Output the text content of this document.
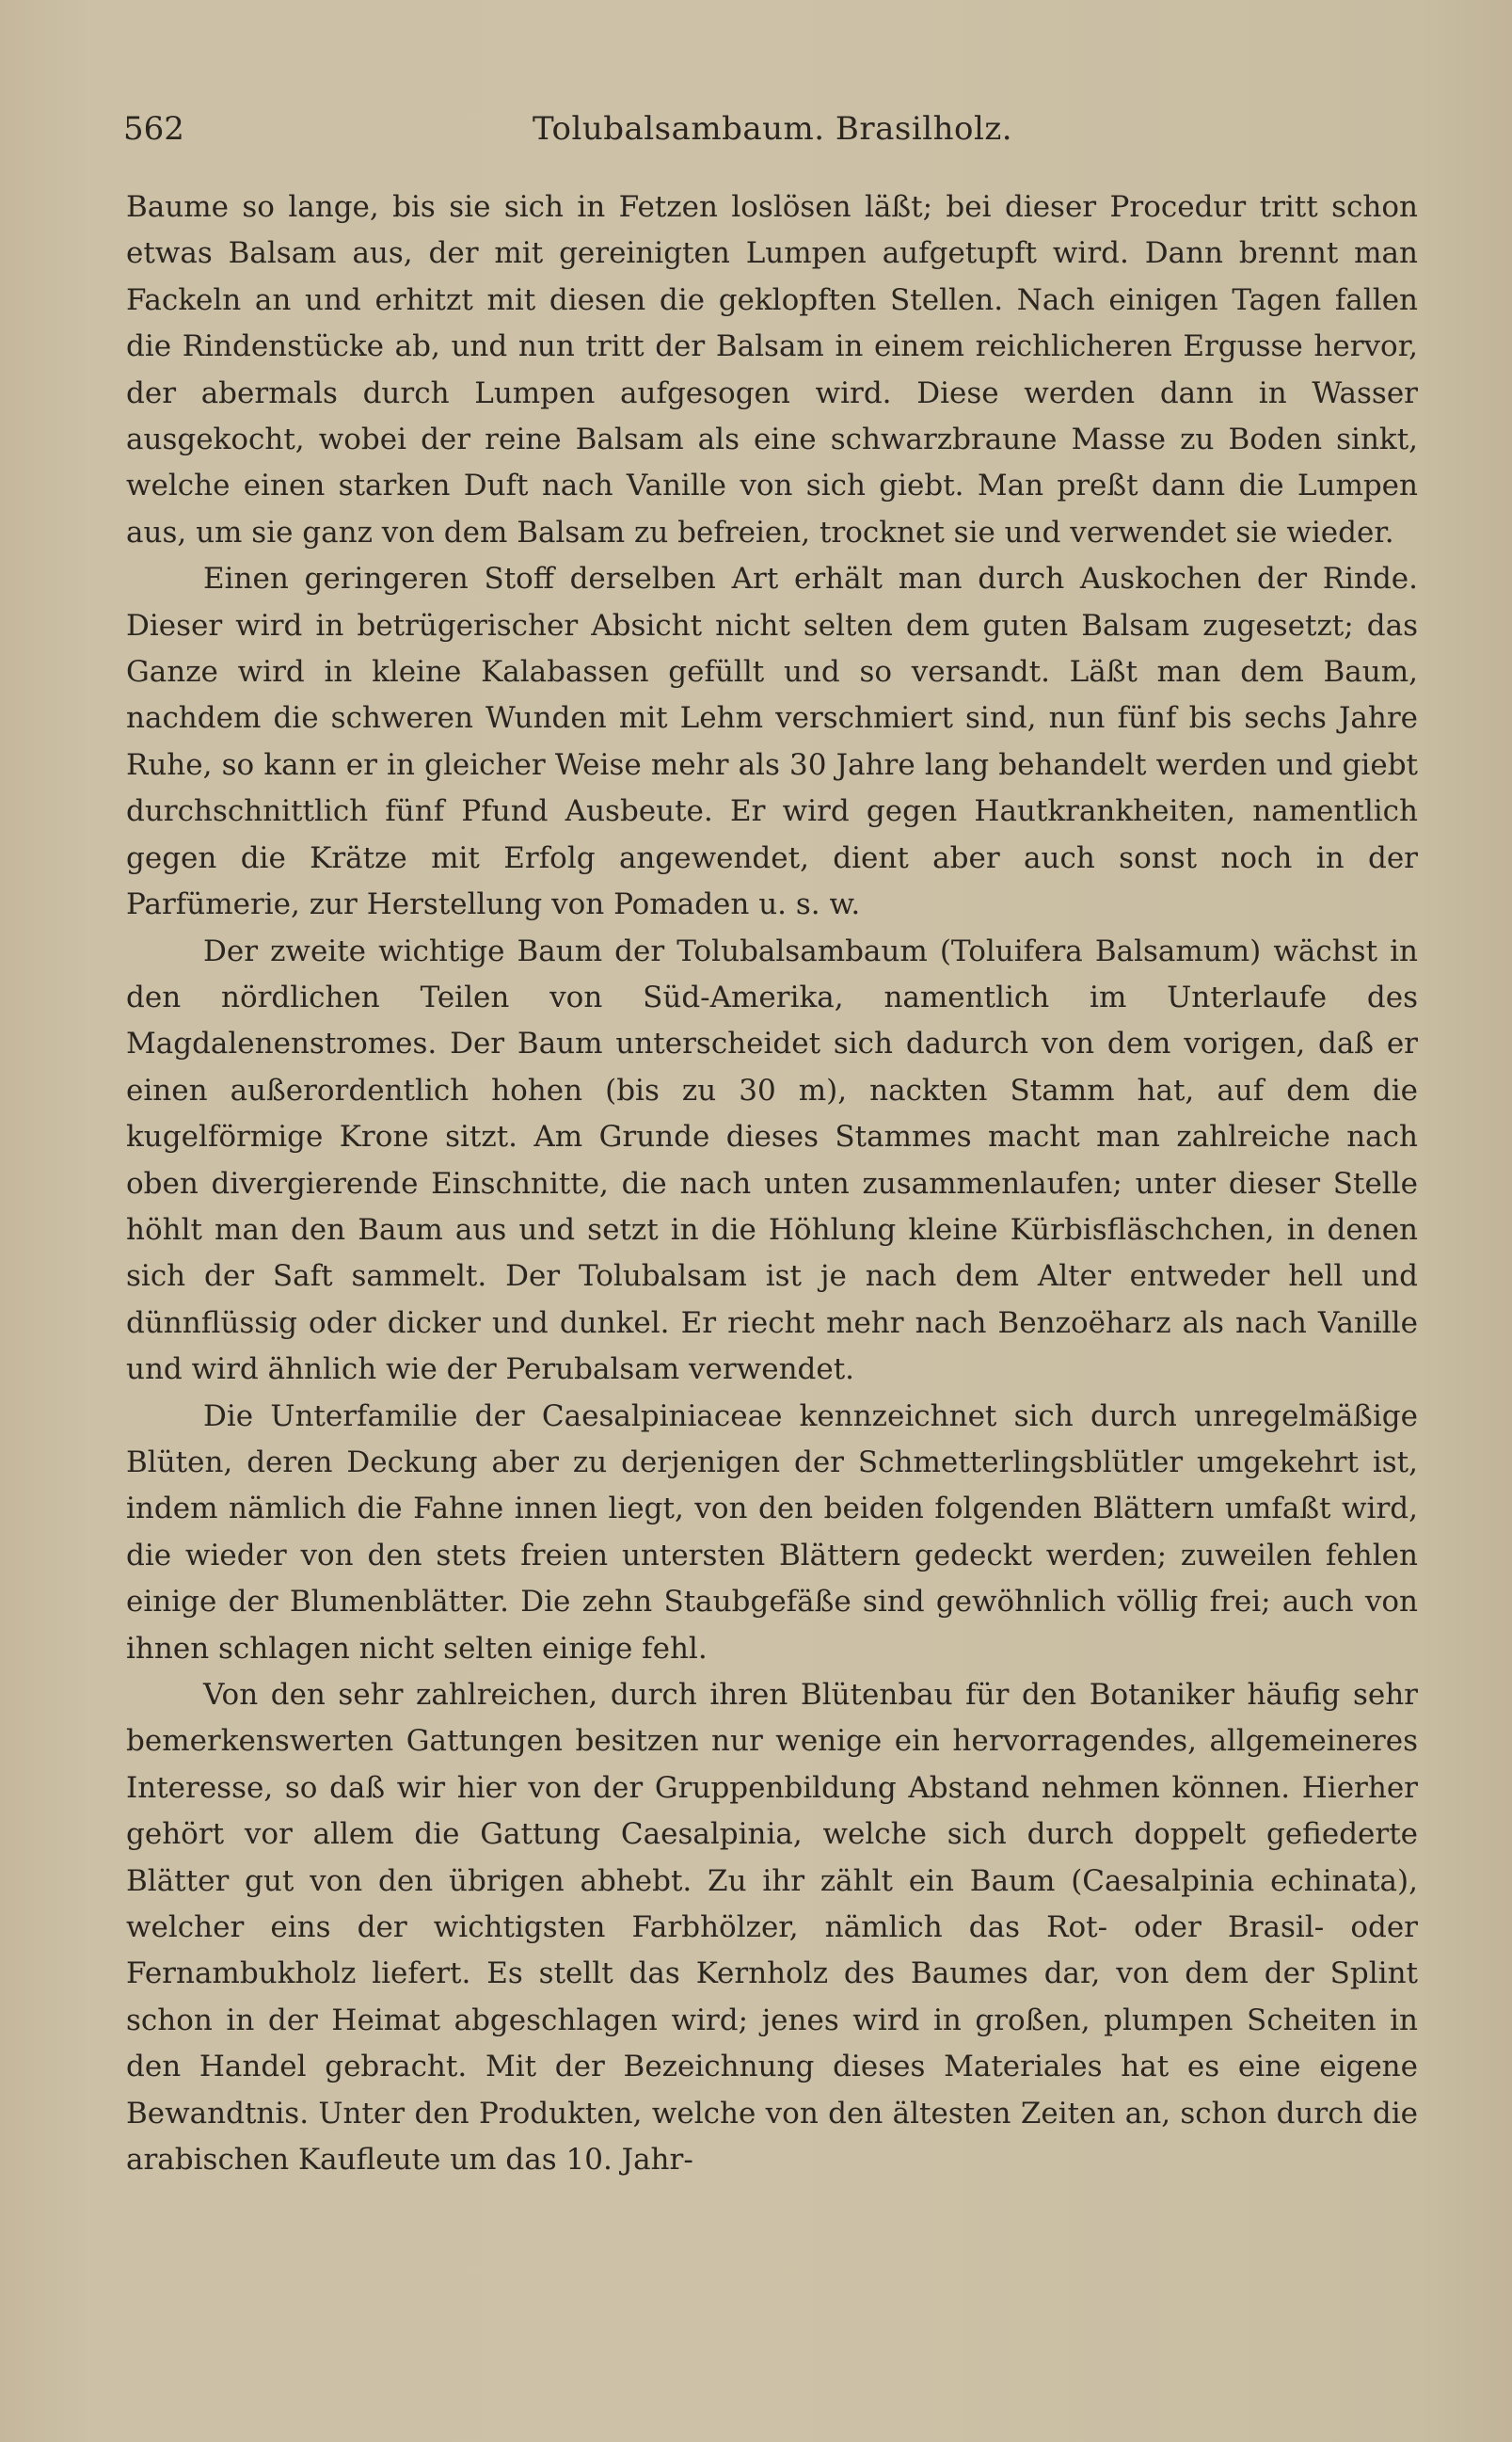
562	Tolubalsambaum. Brasilholz.

Baume so lange, bis sie sich in Fetzen loslösen läßt; bei dieser Procedur tritt schon etwas Balsam aus, der mit gereinigten Lumpen aufgetupft wird. Dann brennt man Fackeln an und erhitzt mit diesen die geklopften Stellen. Nach einigen Tagen fallen die Rindenstücke ab, und nun tritt der Balsam in einem reichlicheren Ergusse hervor, der abermals durch Lumpen aufgesogen wird. Diese werden dann in Wasser ausgekocht, wobei der reine Balsam als eine schwarzbraune Masse zu Boden sinkt, welche einen starken Duft nach Vanille von sich giebt. Man preßt dann die Lumpen aus, um sie ganz von dem Balsam zu befreien, trocknet sie und verwendet sie wieder.

Einen geringeren Stoff derselben Art erhält man durch Auskochen der Rinde. Dieser wird in betrügerischer Absicht nicht selten dem guten Balsam zugesetzt; das Ganze wird in kleine Kalabassen gefüllt und so versandt. Läßt man dem Baum, nachdem die schweren Wunden mit Lehm verschmiert sind, nun fünf bis sechs Jahre Ruhe, so kann er in gleicher Weise mehr als 30 Jahre lang behandelt werden und giebt durchschnittlich fünf Pfund Ausbeute. Er wird gegen Hautkrankheiten, namentlich gegen die Krätze mit Erfolg angewendet, dient aber auch sonst noch in der Parfümerie, zur Herstellung von Pomaden u. s. w.

Der zweite wichtige Baum der Tolubalsambaum (Toluifera Balsamum) wächst in den nördlichen Teilen von Süd-Amerika, namentlich im Unterlaufe des Magdalenenstromes. Der Baum unterscheidet sich dadurch von dem vorigen, daß er einen außerordentlich hohen (bis zu 30 m), nackten Stamm hat, auf dem die kugelförmige Krone sitzt. Am Grunde dieses Stammes macht man zahlreiche nach oben divergierende Einschnitte, die nach unten zusammenlaufen; unter dieser Stelle höhlt man den Baum aus und setzt in die Höhlung kleine Kürbisfläschchen, in denen sich der Saft sammelt. Der Tolubalsam ist je nach dem Alter entweder hell und dünnflüssig oder dicker und dunkel. Er riecht mehr nach Benzoëharz als nach Vanille und wird ähnlich wie der Perubalsam verwendet.

Die Unterfamilie der Caesalpiniaceae kennzeichnet sich durch unregelmäßige Blüten, deren Deckung aber zu derjenigen der Schmetterlingsblütler umgekehrt ist, indem nämlich die Fahne innen liegt, von den beiden folgenden Blättern umfaßt wird, die wieder von den stets freien untersten Blättern gedeckt werden; zuweilen fehlen einige der Blumenblätter. Die zehn Staubgefäße sind gewöhnlich völlig frei; auch von ihnen schlagen nicht selten einige fehl.

Von den sehr zahlreichen, durch ihren Blütenbau für den Botaniker häufig sehr bemerkenswerten Gattungen besitzen nur wenige ein hervorragendes, allgemeineres Interesse, so daß wir hier von der Gruppenbildung Abstand nehmen können. Hierher gehört vor allem die Gattung Caesalpinia, welche sich durch doppelt gefiederte Blätter gut von den übrigen abhebt. Zu ihr zählt ein Baum (Caesalpinia echinata), welcher eins der wichtigsten Farbhölzer, nämlich das Rot- oder Brasil- oder Fernambukholz liefert. Es stellt das Kernholz des Baumes dar, von dem der Splint schon in der Heimat abgeschlagen wird; jenes wird in großen, plumpen Scheiten in den Handel gebracht. Mit der Bezeichnung dieses Materiales hat es eine eigene Bewandtnis. Unter den Produkten, welche von den ältesten Zeiten an, schon durch die arabischen Kaufleute um das 10. Jahr-
